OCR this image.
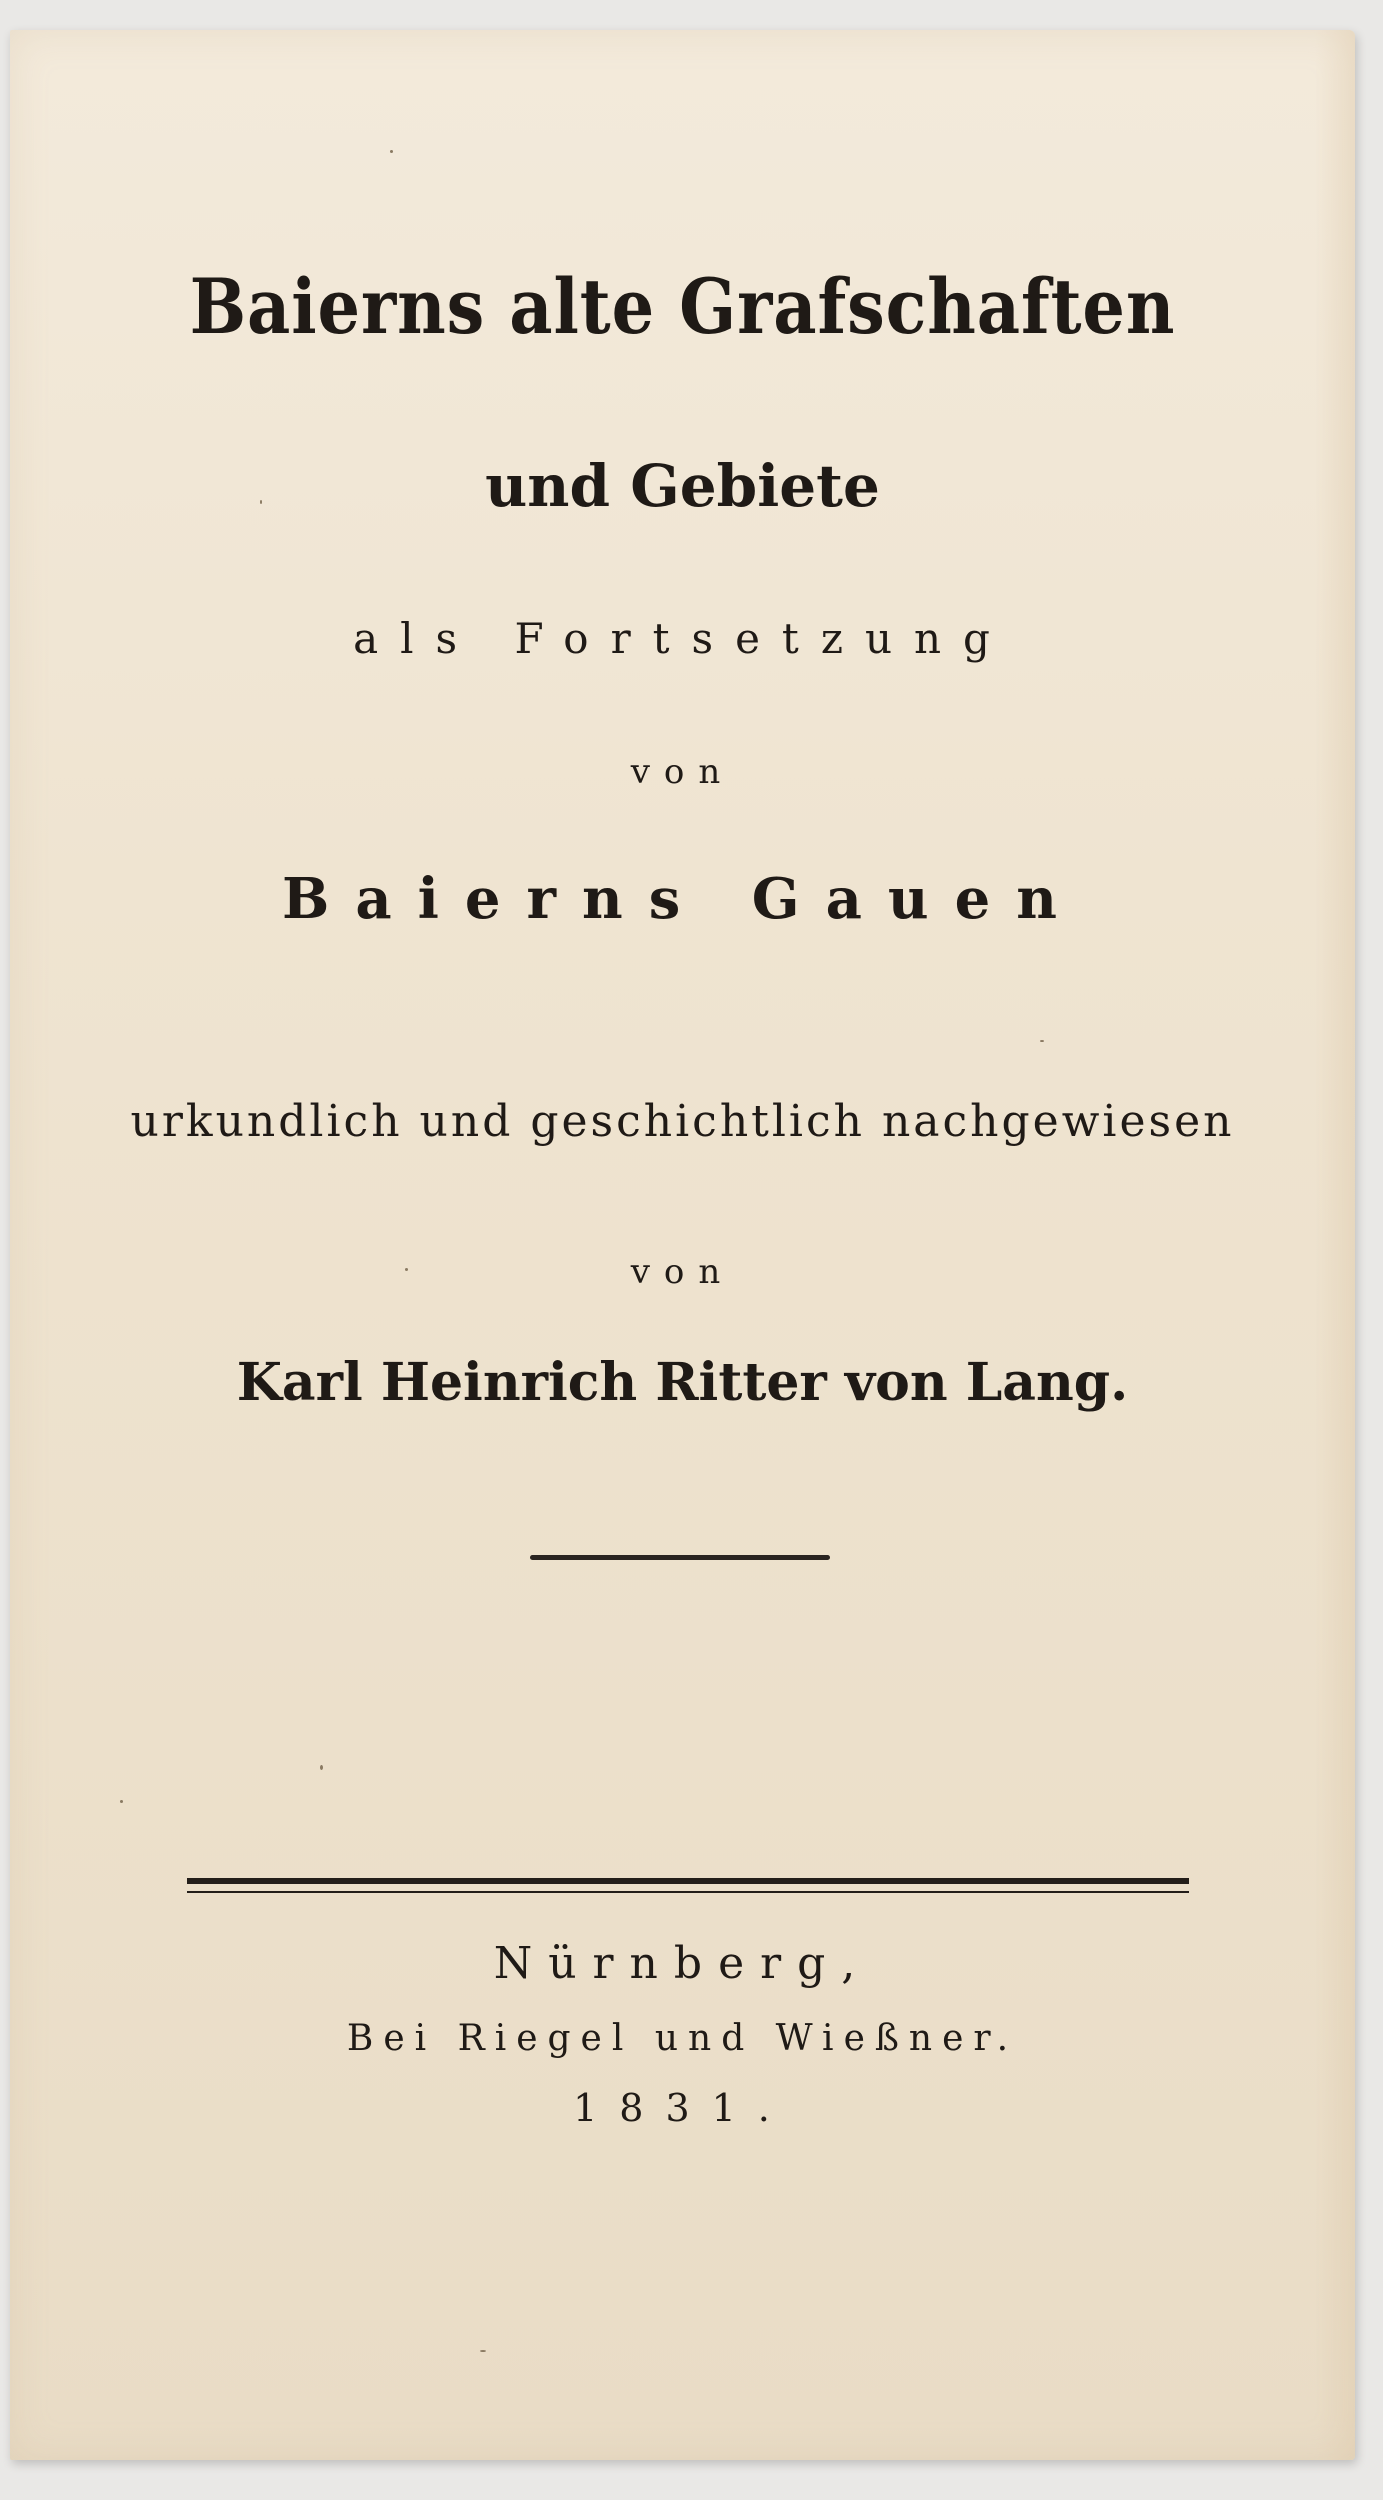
Baierns alte Grafschaften
und Gebiete
als Fortsetzung
von
Baierns Gauen
urkundlich und geschichtlich nachgewiesen
von
Karl Heinrich Ritter von Lang.
Nürnberg,
Bei Riegel und Wießner.
1831.
